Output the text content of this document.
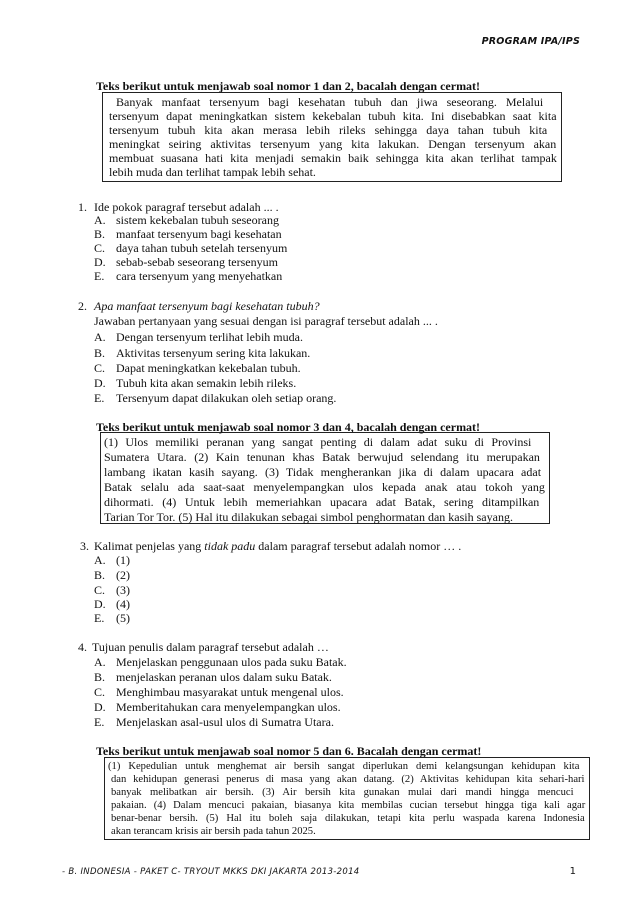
PROGRAM IPA/IPS
Teks berikut untuk menjawab soal nomor 1 dan 2, bacalah dengan cermat!
Banyak manfaat tersenyum bagi kesehatan tubuh dan jiwa seseorang. Melalui
tersenyum dapat meningkatkan sistem kekebalan tubuh kita. Ini disebabkan saat kita
tersenyum tubuh kita akan merasa lebih rileks sehingga daya tahan tubuh kita
meningkat seiring aktivitas tersenyum yang kita lakukan. Dengan tersenyum akan
membuat suasana hati kita menjadi semakin baik sehingga kita akan terlihat tampak
lebih muda dan terlihat tampak lebih sehat.
1. Ide pokok paragraf tersebut adalah ... .
A. sistem kekebalan tubuh seseorang
B. manfaat tersenyum bagi kesehatan
C. daya tahan tubuh setelah tersenyum
D. sebab-sebab seseorang tersenyum
E. cara tersenyum yang menyehatkan
2. Apa manfaat tersenyum bagi kesehatan tubuh?
Jawaban pertanyaan yang sesuai dengan isi paragraf tersebut adalah ... .
A. Dengan tersenyum terlihat lebih muda.
B. Aktivitas tersenyum sering kita lakukan.
C. Dapat meningkatkan kekebalan tubuh.
D. Tubuh kita akan semakin lebih rileks.
E. Tersenyum dapat dilakukan oleh setiap orang.
Teks berikut untuk menjawab soal nomor 3 dan 4, bacalah dengan cermat!
(1) Ulos memiliki peranan yang sangat penting di dalam adat suku di Provinsi
Sumatera Utara. (2) Kain tenunan khas Batak berwujud selendang itu merupakan
lambang ikatan kasih sayang. (3) Tidak mengherankan jika di dalam upacara adat
Batak selalu ada saat-saat menyelempangkan ulos kepada anak atau tokoh yang
dihormati. (4) Untuk lebih memeriahkan upacara adat Batak, sering ditampilkan
Tarian Tor Tor. (5) Hal itu dilakukan sebagai simbol penghormatan dan kasih sayang.
3. Kalimat penjelas yang tidak padu dalam paragraf tersebut adalah nomor … .
A. (1)
B. (2)
C. (3)
D. (4)
E. (5)
4. Tujuan penulis dalam paragraf tersebut adalah …
A. Menjelaskan penggunaan ulos pada suku Batak.
B. menjelaskan peranan ulos dalam suku Batak.
C. Menghimbau masyarakat untuk mengenal ulos.
D. Memberitahukan cara menyelempangkan ulos.
E. Menjelaskan asal-usul ulos di Sumatra Utara.
Teks berikut untuk menjawab soal nomor 5 dan 6. Bacalah dengan cermat!
(1) Kepedulian untuk menghemat air bersih sangat diperlukan demi kelangsungan kehidupan kita
dan kehidupan generasi penerus di masa yang akan datang. (2) Aktivitas kehidupan kita sehari-hari
banyak melibatkan air bersih. (3) Air bersih kita gunakan mulai dari mandi hingga mencuci
pakaian. (4) Dalam mencuci pakaian, biasanya kita membilas cucian tersebut hingga tiga kali agar
benar-benar bersih. (5) Hal itu boleh saja dilakukan, tetapi kita perlu waspada karena Indonesia
akan terancam krisis air bersih pada tahun 2025.
- B. INDONESIA - PAKET C- TRYOUT MKKS DKI JAKARTA 2013-2014	1
